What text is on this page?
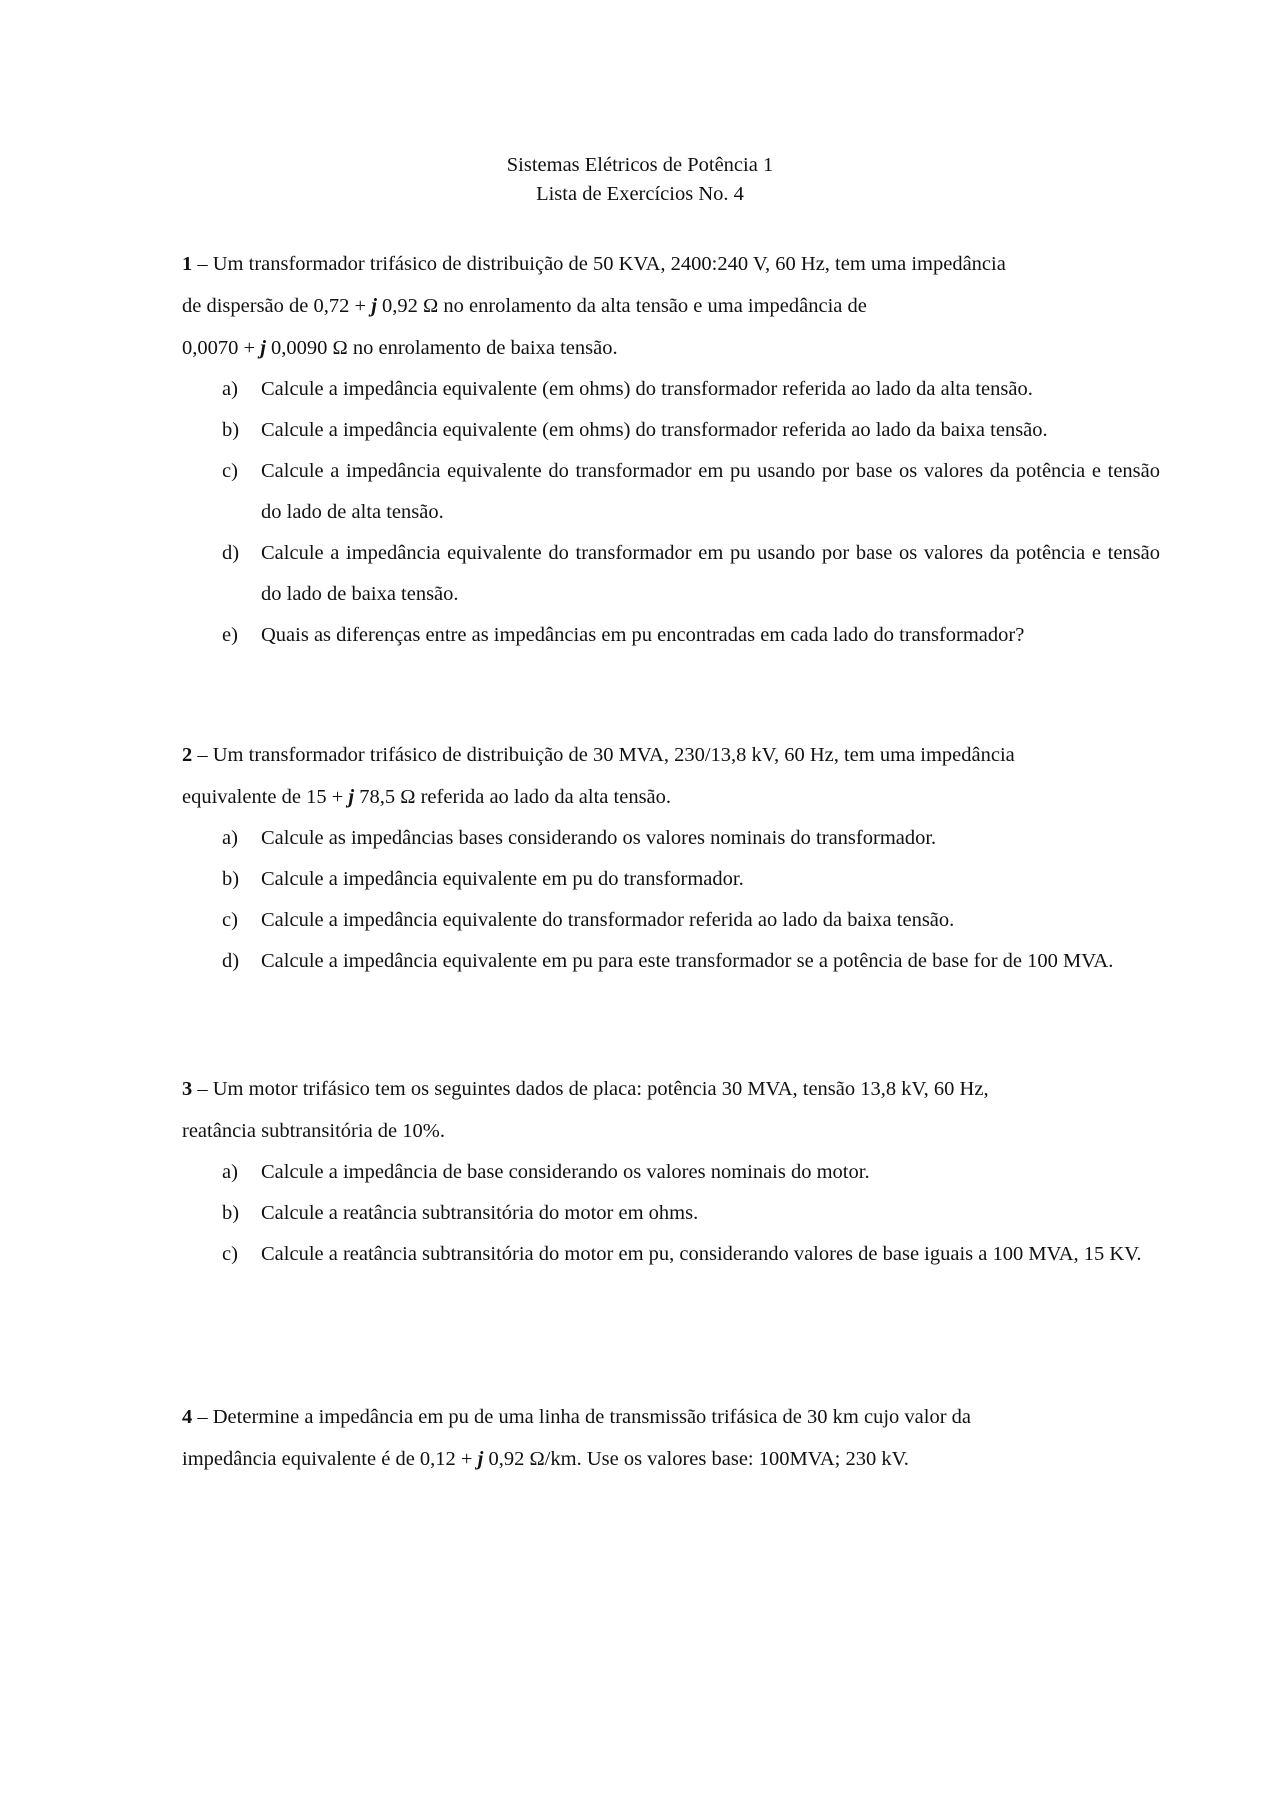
Sistemas Elétricos de Potência 1
Lista de Exercícios No. 4
1 – Um transformador trifásico de distribuição de 50 KVA, 2400:240 V, 60 Hz, tem uma impedância
de dispersão de 0,72 + j 0,92 Ω no enrolamento da alta tensão e uma impedância de
0,0070 + j 0,0090 Ω no enrolamento de baixa tensão.
a) Calcule a impedância equivalente (em ohms) do transformador referida ao lado da alta tensão.
b) Calcule a impedância equivalente (em ohms) do transformador referida ao lado da baixa tensão.
c) Calcule a impedância equivalente do transformador em pu usando por base os valores da potência e tensão do lado de alta tensão.
d) Calcule a impedância equivalente do transformador em pu usando por base os valores da potência e tensão do lado de baixa tensão.
e) Quais as diferenças entre as impedâncias em pu encontradas em cada lado do transformador?
2 – Um transformador trifásico de distribuição de 30 MVA, 230/13,8 kV, 60 Hz, tem uma impedância
equivalente de 15 + j 78,5 Ω referida ao lado da alta tensão.
a) Calcule as impedâncias bases considerando os valores nominais do transformador.
b) Calcule a impedância equivalente em pu do transformador.
c) Calcule a impedância equivalente do transformador referida ao lado da baixa tensão.
d) Calcule a impedância equivalente em pu para este transformador se a potência de base for de 100 MVA.
3 – Um motor trifásico tem os seguintes dados de placa: potência 30 MVA, tensão 13,8 kV, 60 Hz,
reatância subtransitória de 10%.
a) Calcule a impedância de base considerando os valores nominais do motor.
b) Calcule a reatância subtransitória do motor em ohms.
c) Calcule a reatância subtransitória do motor em pu, considerando valores de base iguais a 100 MVA, 15 KV.
4 – Determine a impedância em pu de uma linha de transmissão trifásica de 30 km cujo valor da
impedância equivalente é de 0,12 + j 0,92 Ω/km. Use os valores base: 100MVA; 230 kV.
